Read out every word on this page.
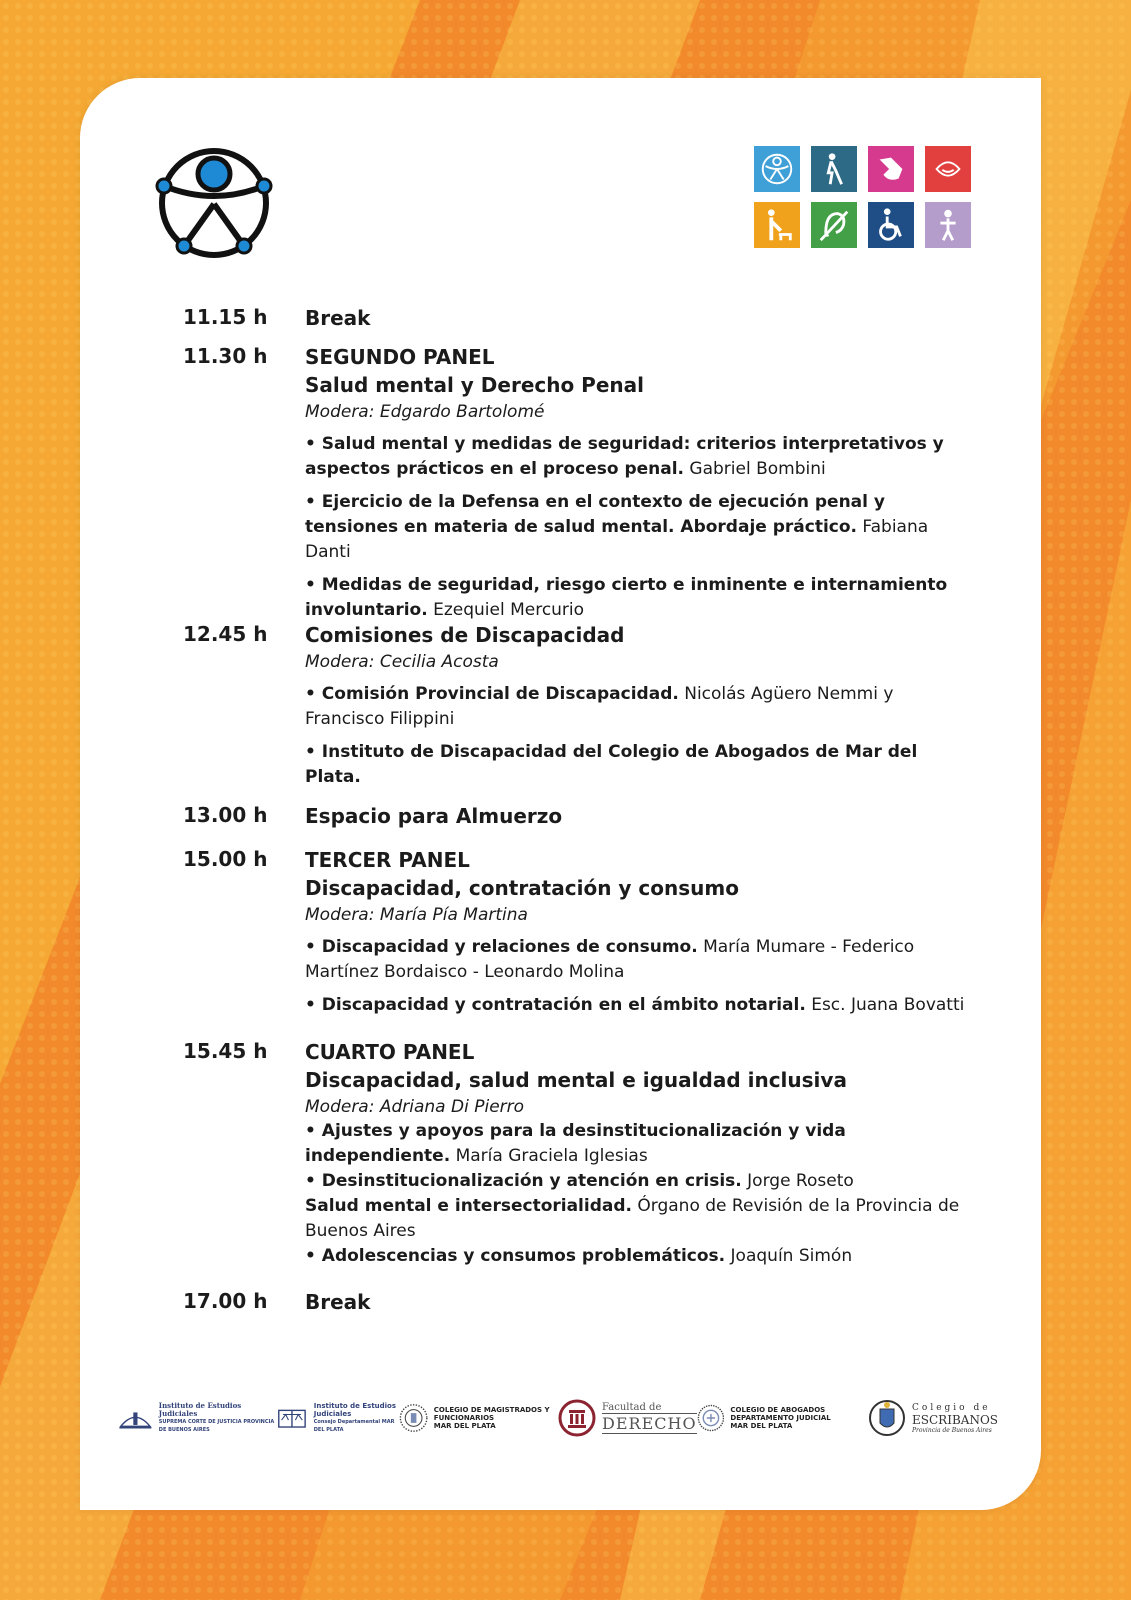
11.15 h	Break
11.30 h	SEGUNDO PANEL
Salud mental y Derecho Penal
Modera: Edgardo Bartolomé
• Salud mental y medidas de seguridad: criterios interpretativos y aspectos prácticos en el proceso penal. Gabriel Bombini
• Ejercicio de la Defensa en el contexto de ejecución penal y tensiones en materia de salud mental. Abordaje práctico. Fabiana Danti
• Medidas de seguridad, riesgo cierto e inminente e internamiento involuntario. Ezequiel Mercurio
12.45 h	Comisiones de Discapacidad
Modera: Cecilia Acosta
• Comisión Provincial de Discapacidad. Nicolás Agüero Nemmi y Francisco Filippini
• Instituto de Discapacidad del Colegio de Abogados de Mar del Plata.
13.00 h	Espacio para Almuerzo
15.00 h	TERCER PANEL
Discapacidad, contratación y consumo
Modera: María Pía Martina
• Discapacidad y relaciones de consumo. María Mumare - Federico Martínez Bordaisco - Leonardo Molina
• Discapacidad y contratación en el ámbito notarial. Esc. Juana Bovatti
15.45 h	CUARTO PANEL
Discapacidad, salud mental e igualdad inclusiva
Modera: Adriana Di Pierro
• Ajustes y apoyos para la desinstitucionalización y vida independiente. María Graciela Iglesias
• Desinstitucionalización y atención en crisis. Jorge Roseto
Salud mental e intersectorialidad. Órgano de Revisión de la Provincia de Buenos Aires
• Adolescencias y consumos problemáticos. Joaquín Simón
17.00 h	Break
Instituto de Estudios Judiciales
SUPREMA CORTE DE JUSTICIA PROVINCIA DE BUENOS AIRES
Instituto de Estudios Judiciales
Consejo Departamental MAR DEL PLATA
COLEGIO DE MAGISTRADOS Y FUNCIONARIOS
MAR DEL PLATA
Facultad de
DERECHO
COLEGIO DE ABOGADOS DEPARTAMENTO JUDICIAL
MAR DEL PLATA
Colegio de
ESCRIBANOS
Provincia de Buenos Aires
